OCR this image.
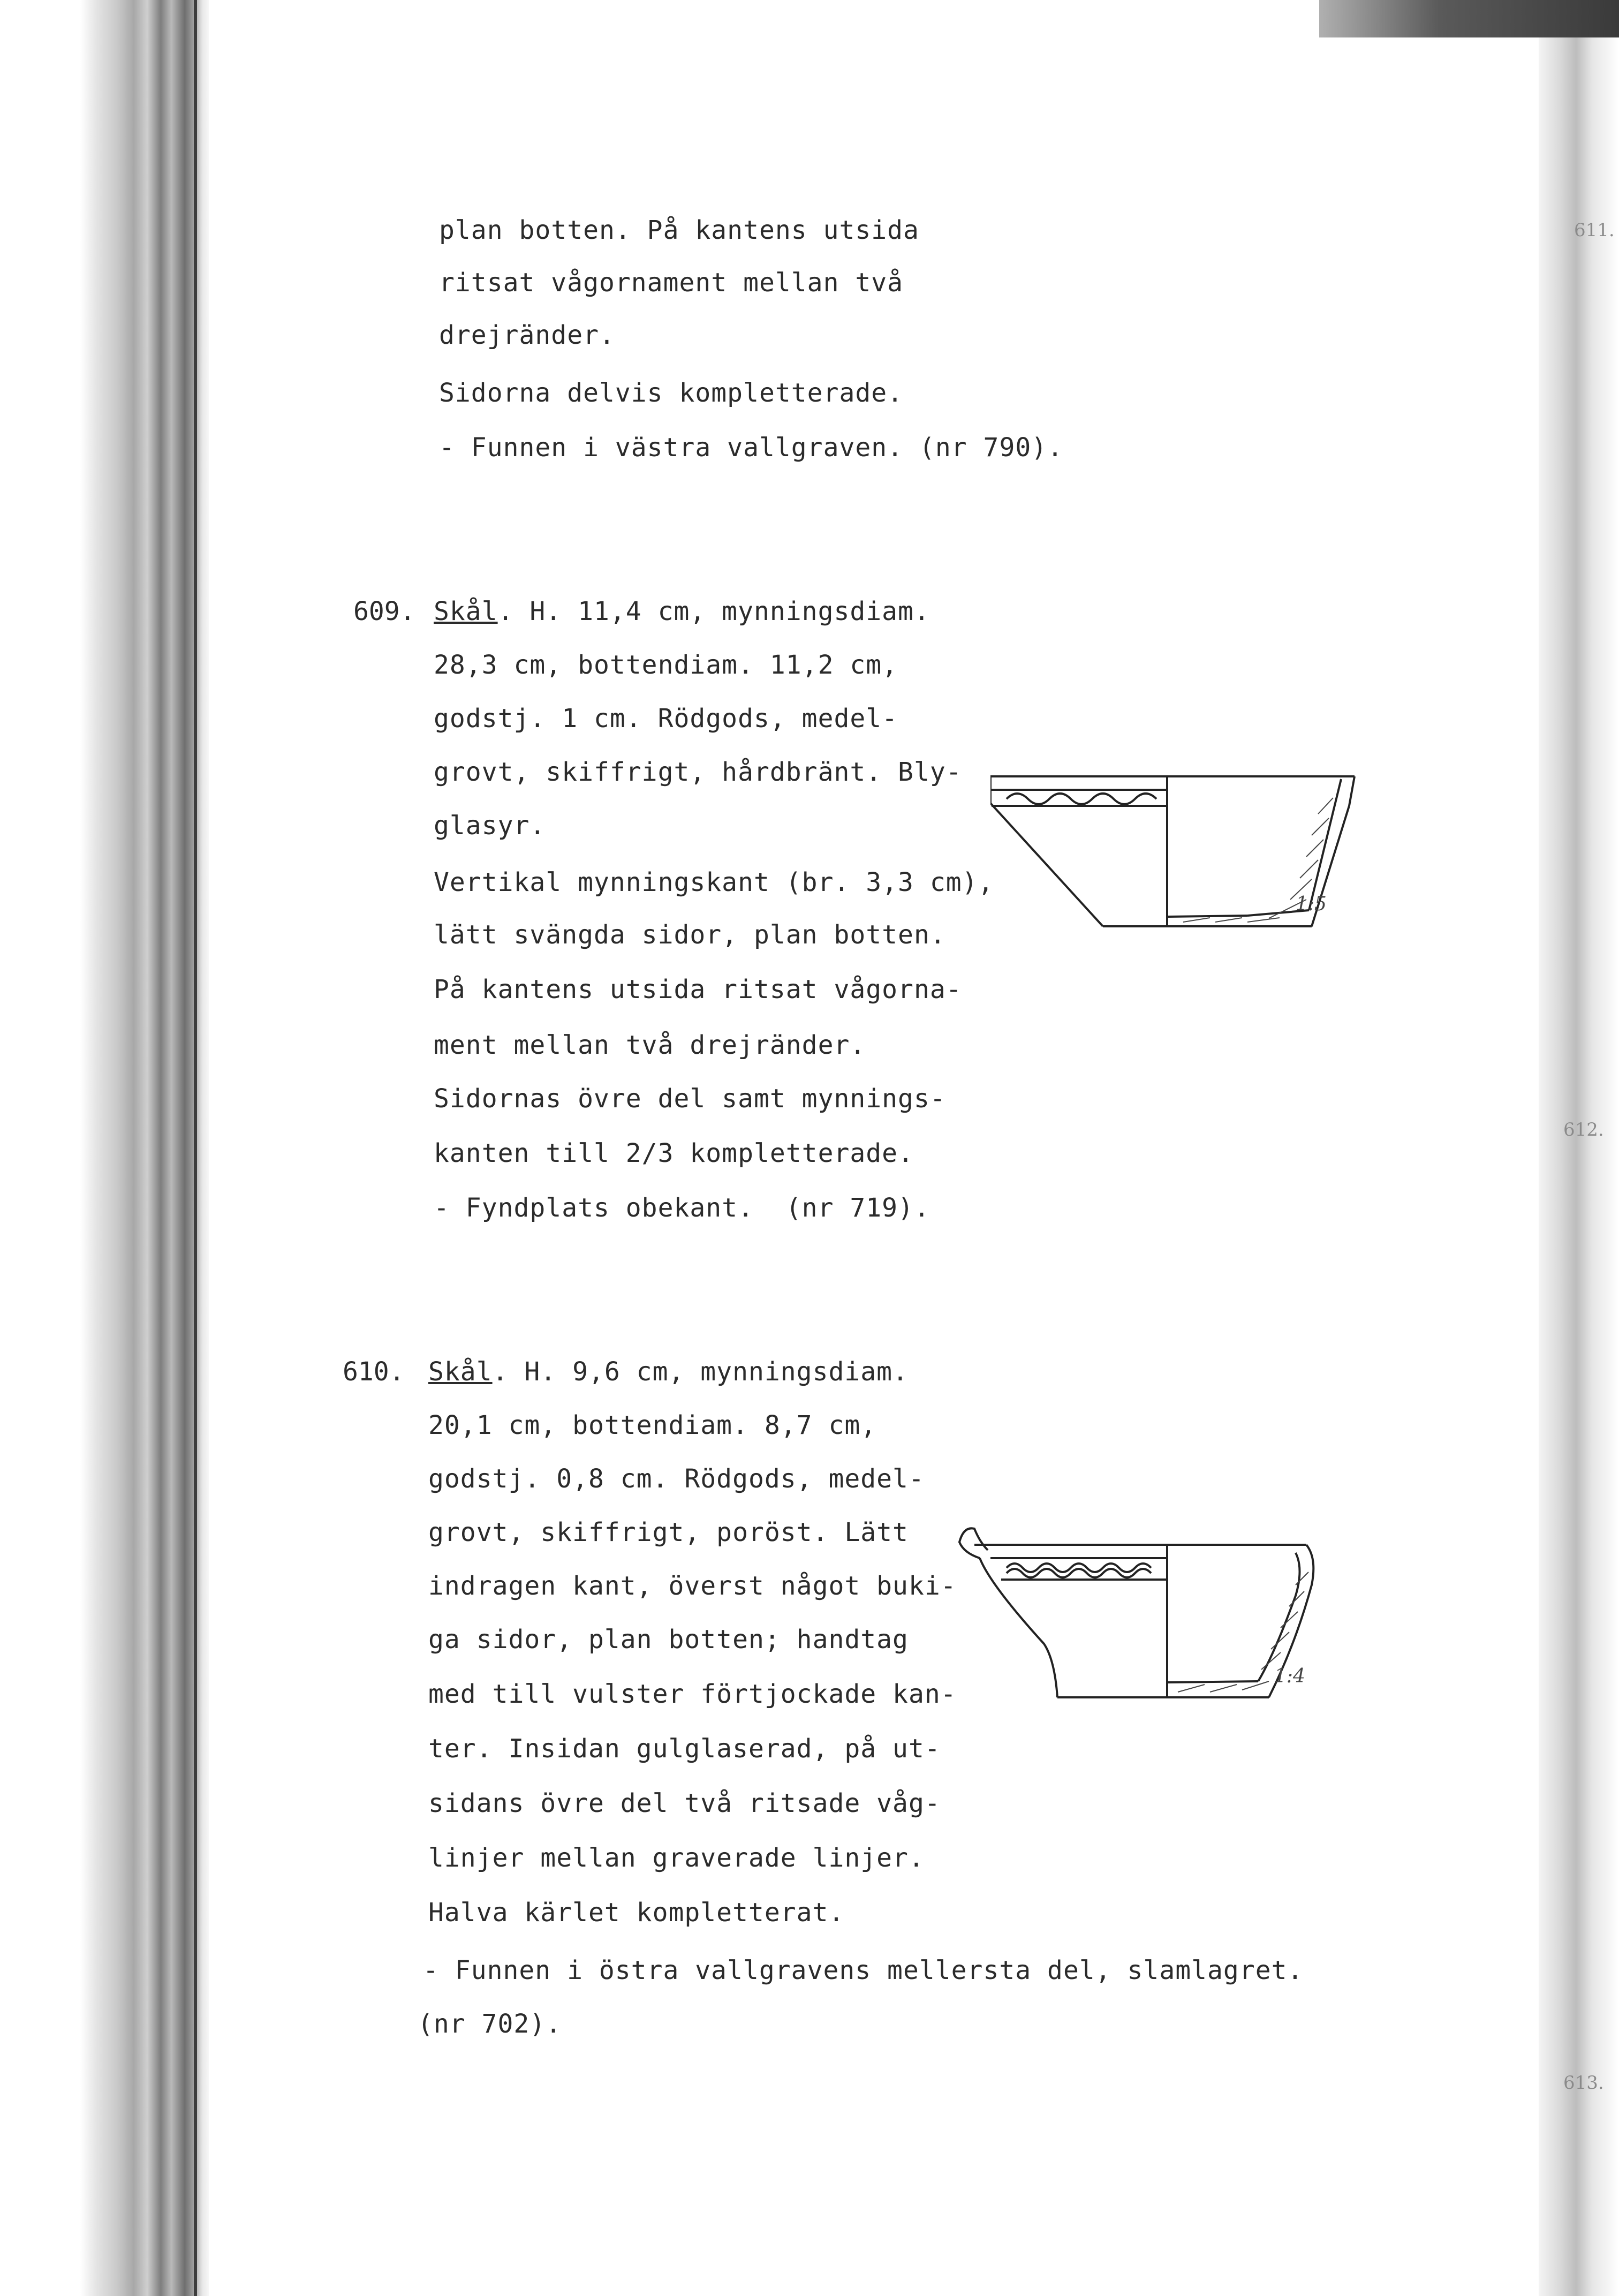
plan botten. På kantens utsida
ritsat vågornament mellan två
drejränder.
Sidorna delvis kompletterade.
- Funnen i västra vallgraven. (nr 790).
609. Skål. H. 11,4 cm, mynningsdiam.
28,3 cm, bottendiam. 11,2 cm,
godstj. 1 cm. Rödgods, medel-
grovt, skiffrigt, hårdbränt. Bly-
glasyr.
Vertikal mynningskant (br. 3,3 cm),
lätt svängda sidor, plan botten.
På kantens utsida ritsat vågorna-
ment mellan två drejränder.
Sidornas övre del samt mynnings-
kanten till 2/3 kompletterade.
- Fyndplats obekant.  (nr 719).
1:5
610. Skål. H. 9,6 cm, mynningsdiam.
20,1 cm, bottendiam. 8,7 cm,
godstj. 0,8 cm. Rödgods, medel-
grovt, skiffrigt, poröst. Lätt
indragen kant, överst något buki-
ga sidor, plan botten; handtag
med till vulster förtjockade kan-
ter. Insidan gulglaserad, på ut-
sidans övre del två ritsade våg-
linjer mellan graverade linjer.
Halva kärlet kompletterat.
- Funnen i östra vallgravens mellersta del, slamlagret.
(nr 702).
1:4
611.
612.
613.
